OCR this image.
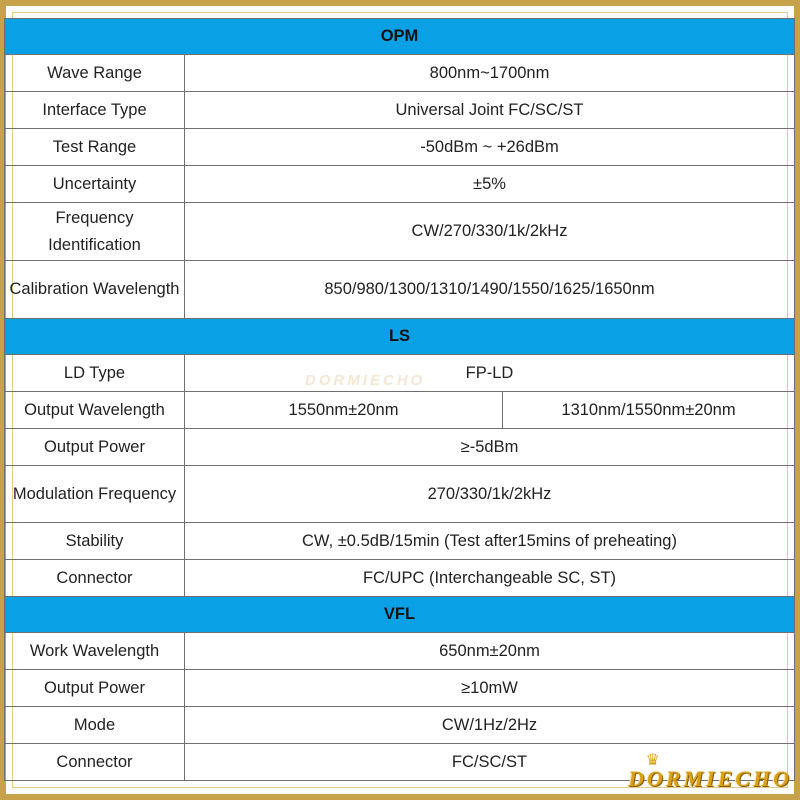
OPM		
Wave Range	800nm~1700nm	
Interface Type	Universal Joint FC/SC/ST	
Test Range	-50dBm ~ +26dBm	
Uncertainty	±5%	
Frequency Identification	CW/270/330/1k/2kHz	
Calibration Wavelength	850/980/1300/1310/1490/1550/1625/1650nm	
LS		
LD Type	FP-LD	
Output Wavelength	1550nm±20nm	1310nm/1550nm±20nm
Output Power	≥-5dBm	
Modulation Frequency	270/330/1k/2kHz	
Stability	CW, ±0.5dB/15min (Test after15mins of preheating)	
Connector	FC/UPC (Interchangeable SC, ST)	
VFL		
Work Wavelength	650nm±20nm	
Output Power	≥10mW	
Mode	CW/1Hz/2Hz	
Connector	FC/SC/ST	
DORMIECHO
♛
DORMIECHO
